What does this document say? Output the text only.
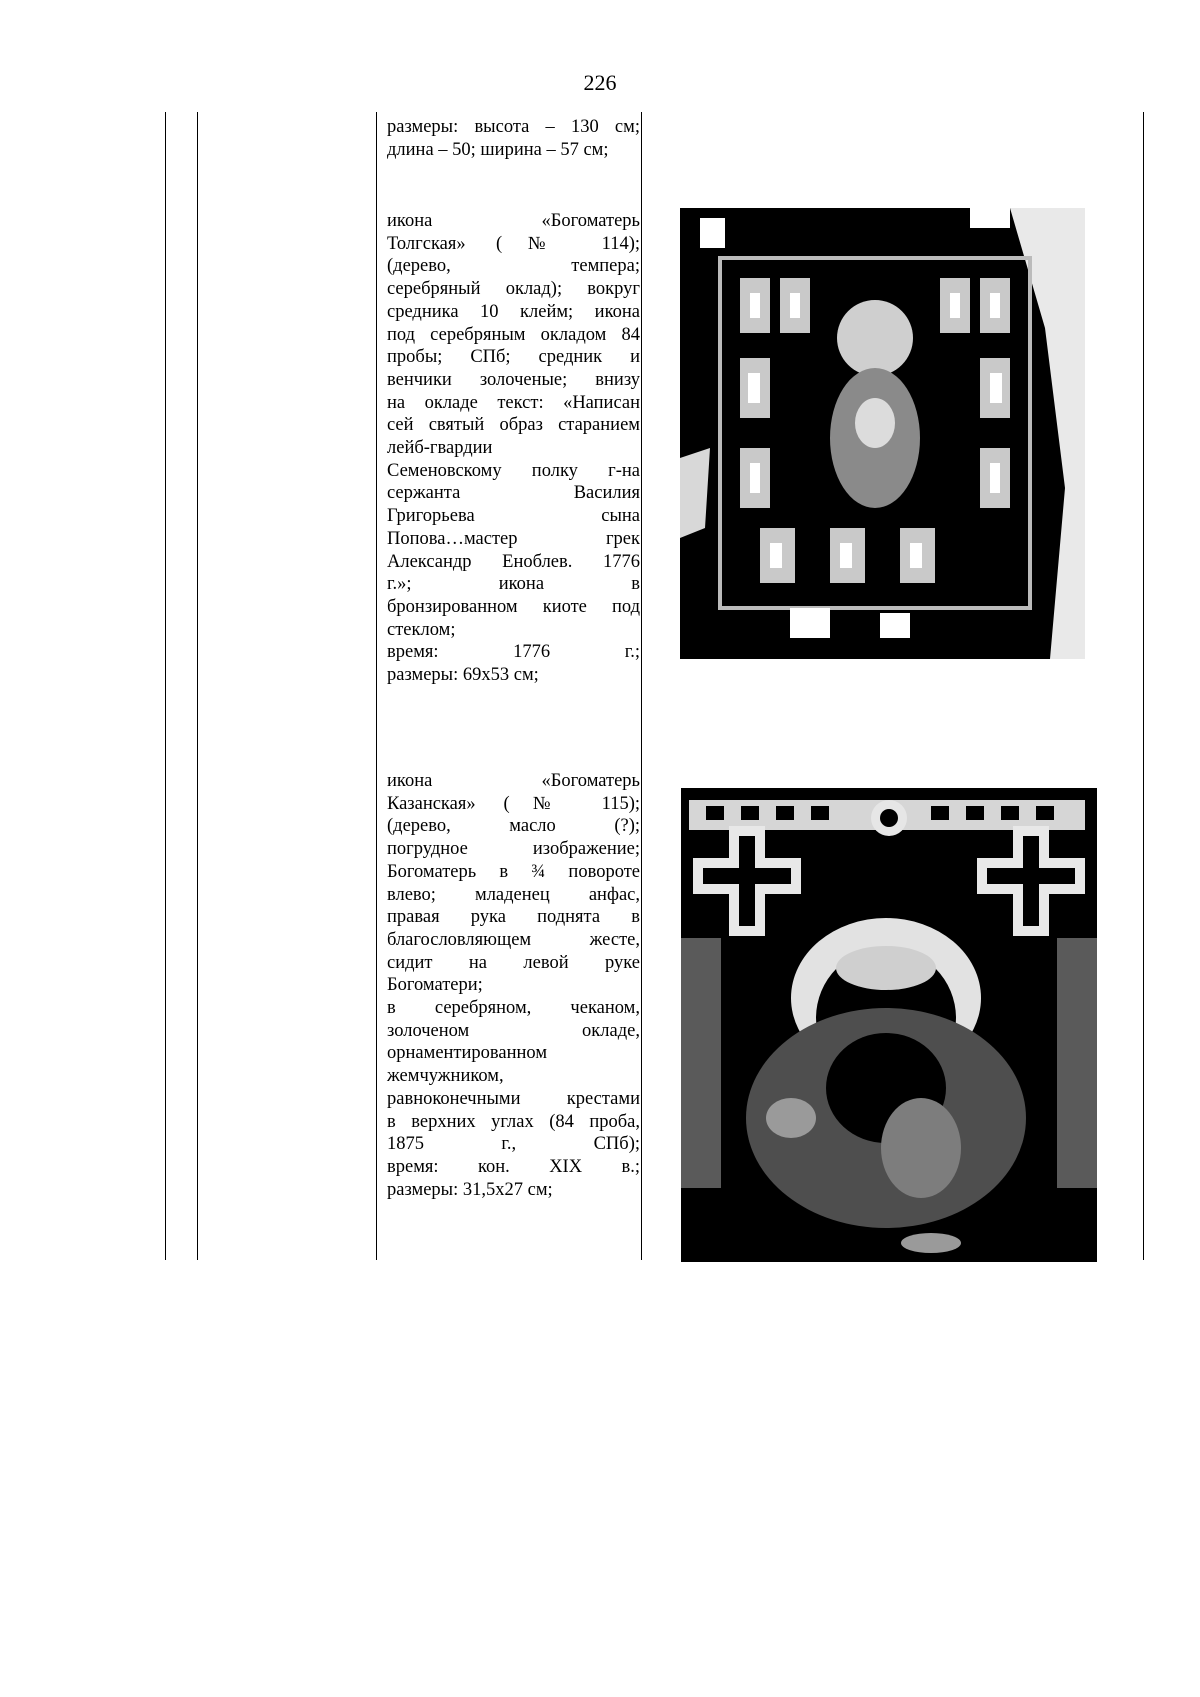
226
размеры: высота – 130 см;
длина – 50; ширина – 57 см;
икона «Богоматерь
Толгская» (№ 114);
(дерево, темпера;
серебряный оклад); вокруг
средника 10 клейм; икона
под серебряным окладом 84
пробы; СПб; средник и
венчики золоченые; внизу
на окладе текст: «Написан
сей святый образ старанием
лейб-гвардии
Семеновскому полку г-на
сержанта Василия
Григорьева сына
Попова…мастер грек
Александр Еноблев. 1776
г.»; икона в
бронзированном киоте под
стеклом;
время: 1776 г.;
размеры: 69х53 см;
икона «Богоматерь
Казанская» (№ 115);
(дерево, масло (?);
погрудное изображение;
Богоматерь в ¾ повороте
влево; младенец анфас,
правая рука поднята в
благословляющем жесте,
сидит на левой руке
Богоматери;
в серебряном, чеканом,
золоченом окладе,
орнаментированном
жемчужником,
равноконечными крестами
в верхних углах (84 проба,
1875 г., СПб);
время: кон. XIX в.;
размеры: 31,5х27 см;
